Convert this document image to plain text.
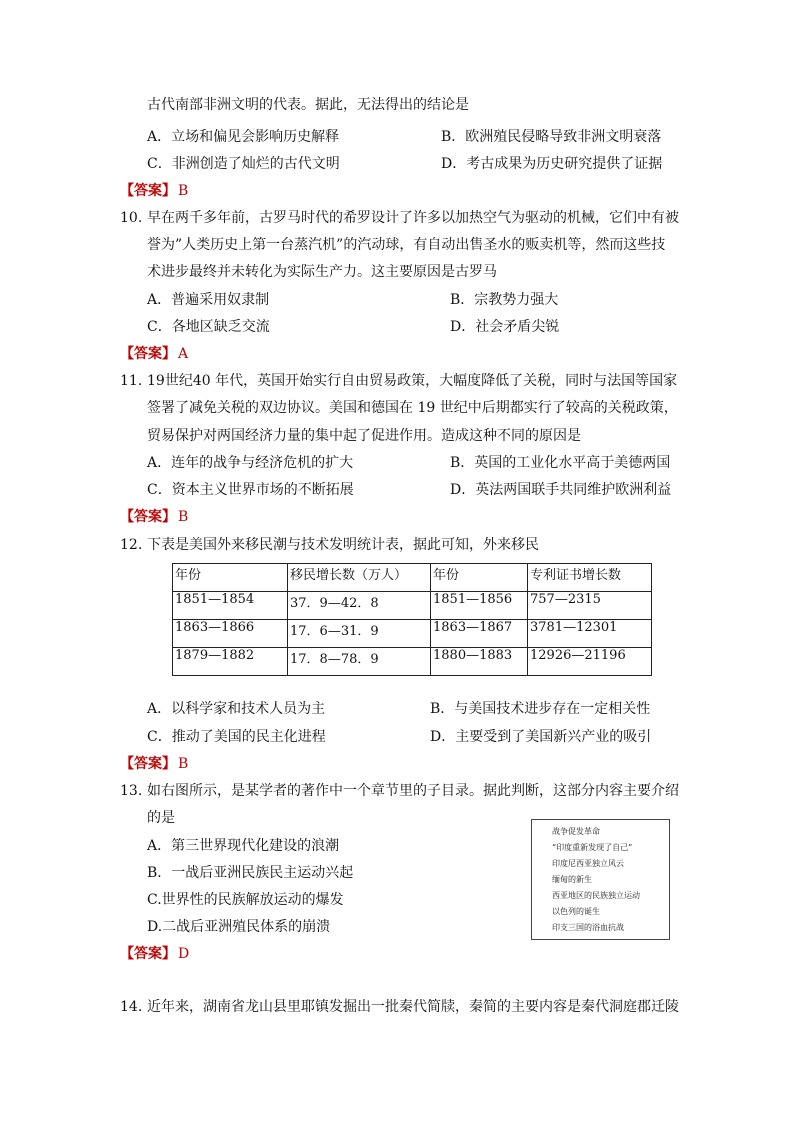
古代南部非洲文明的代表。据此，无法得出的结论是
A．立场和偏见会影响历史解释	B．欧洲殖民侵略导致非洲文明衰落
C．非洲创造了灿烂的古代文明	D．考古成果为历史研究提供了证据
【答案】 B
10. 早在两千多年前，古罗马时代的希罗设计了许多以加热空气为驱动的机械，它们中有被
誉为”人类历史上第一台蒸汽机”的汽动球，有自动出售圣水的贩卖机等，然而这些技
术进步最终并未转化为实际生产力。这主要原因是古罗马
A．普遍采用奴隶制	B．宗教势力强大
C．各地区缺乏交流	D．社会矛盾尖锐
【答案】 A
11. 19世纪40 年代，英国开始实行自由贸易政策，大幅度降低了关税，同时与法国等国家
签署了减免关税的双边协议。美国和德国在 19 世纪中后期都实行了较高的关税政策，
贸易保护对两国经济力量的集中起了促进作用。造成这种不同的原因是
A．连年的战争与经济危机的扩大	B．英国的工业化水平高于美德两国
C．资本主义世界市场的不断拓展	D．英法两国联手共同维护欧洲利益
【答案】 B
12. 下表是美国外来移民潮与技术发明统计表，据此可知，外来移民
年份	移民增长数（万人）	年份	专利证书增长数
1851—1854	37．9—42．8	1851—1856	757—2315
1863—1866	17．6—31．9	1863—1867	3781—12301
1879—1882	17．8—78．9	1880—1883	12926—21196
A．以科学家和技术人员为主	B．与美国技术进步存在一定相关性
C．推动了美国的民主化进程	D．主要受到了美国新兴产业的吸引
【答案】 B
13. 如右图所示，是某学者的著作中一个章节里的子目录。据此判断，这部分内容主要介绍
的是
A．第三世界现代化建设的浪潮
B．一战后亚洲民族民主运动兴起
C.世界性的民族解放运动的爆发
D.二战后亚洲殖民体系的崩溃
战争促发革命
“印度重新发现了自己”
印度尼西亚独立风云
缅甸的新生
西亚地区的民族独立运动
以色列的诞生
印支三国的浴血抗战
【答案】 D
14. 近年来，湖南省龙山县里耶镇发掘出一批秦代简牍，秦简的主要内容是秦代洞庭郡迁陵
